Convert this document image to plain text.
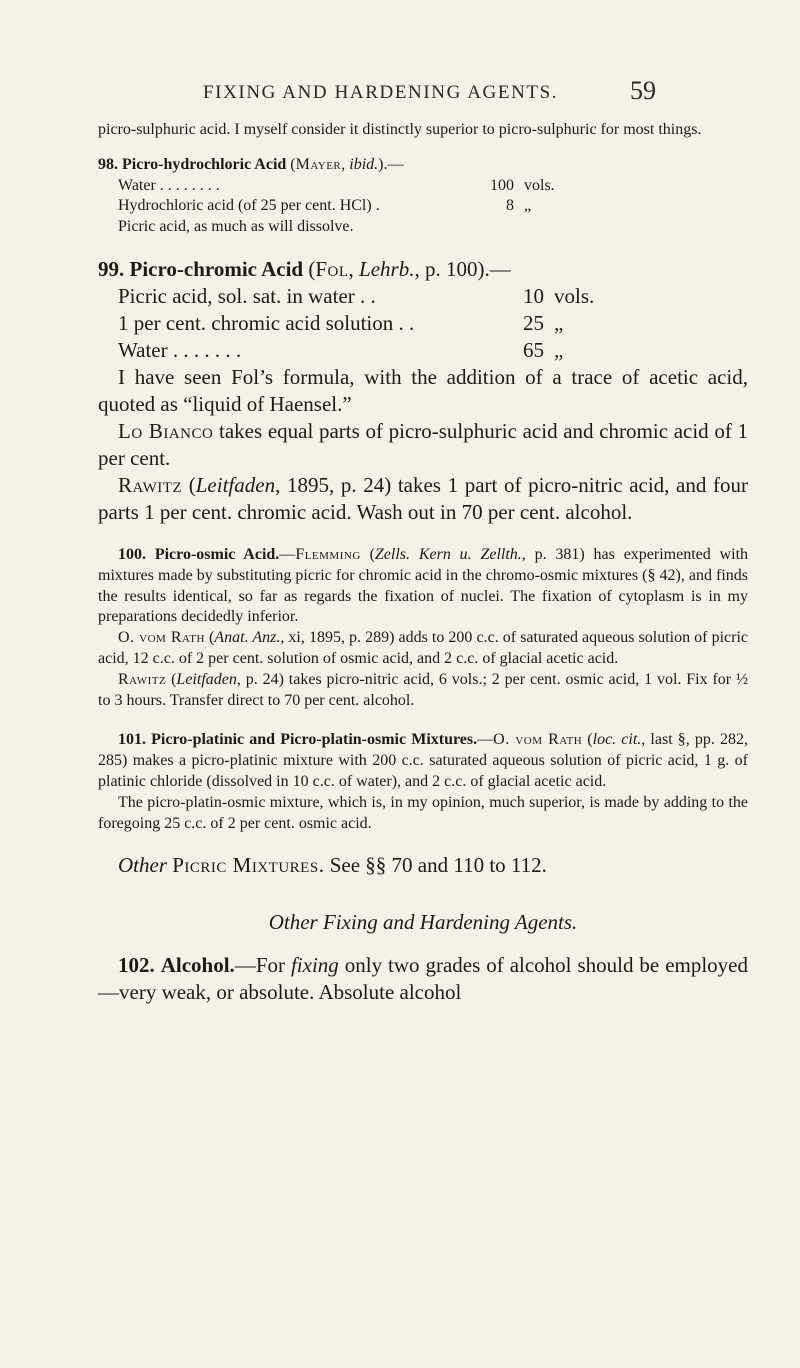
FIXING AND HARDENING AGENTS.	59

picro-sulphuric acid. I myself consider it distinctly superior to picro-sulphuric for most things.

98. Picro-hydrochloric Acid (Mayer, ibid.).—

Water . . . . . . . .	100 vols.
Hydrochloric acid (of 25 per cent. HCl) .	8 „
Picric acid, as much as will dissolve.

99. Picro-chromic Acid (Fol, Lehrb., p. 100).—

Picric acid, sol. sat. in water . .	10 vols.
1 per cent. chromic acid solution . .	25 „
Water . . . . . . .	65 „

I have seen Fol’s formula, with the addition of a trace of acetic acid, quoted as “liquid of Haensel.”

Lo Bianco takes equal parts of picro-sulphuric acid and chromic acid of 1 per cent.

Rawitz (Leitfaden, 1895, p. 24) takes 1 part of picro-nitric acid, and four parts 1 per cent. chromic acid. Wash out in 70 per cent. alcohol.

100. Picro-osmic Acid.—Flemming (Zells. Kern u. Zellth., p. 381) has experimented with mixtures made by substituting picric for chromic acid in the chromo-osmic mixtures (§ 42), and finds the results identical, so far as regards the fixation of nuclei. The fixation of cytoplasm is in my preparations decidedly inferior.

O. vom Rath (Anat. Anz., xi, 1895, p. 289) adds to 200 c.c. of saturated aqueous solution of picric acid, 12 c.c. of 2 per cent. solution of osmic acid, and 2 c.c. of glacial acetic acid.

Rawitz (Leitfaden, p. 24) takes picro-nitric acid, 6 vols.; 2 per cent. osmic acid, 1 vol. Fix for ½ to 3 hours. Transfer direct to 70 per cent. alcohol.

101. Picro-platinic and Picro-platin-osmic Mixtures.—O. vom Rath (loc. cit., last §, pp. 282, 285) makes a picro-platinic mixture with 200 c.c. saturated aqueous solution of picric acid, 1 g. of platinic chloride (dissolved in 10 c.c. of water), and 2 c.c. of glacial acetic acid.

The picro-platin-osmic mixture, which is, in my opinion, much superior, is made by adding to the foregoing 25 c.c. of 2 per cent. osmic acid.

Other Picric Mixtures. See §§ 70 and 110 to 112.

Other Fixing and Hardening Agents.

102. Alcohol.—For fixing only two grades of alcohol should be employed—very weak, or absolute. Absolute alcohol
